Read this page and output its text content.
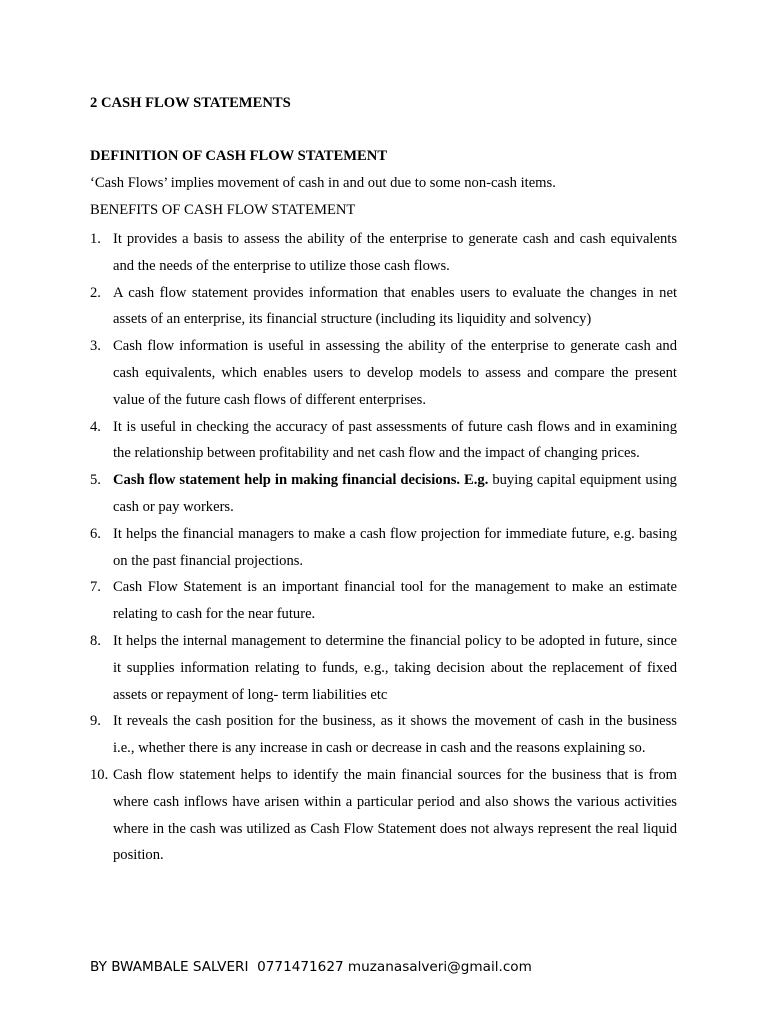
2 CASH FLOW STATEMENTS
DEFINITION OF CASH FLOW STATEMENT
‘Cash Flows’ implies movement of cash in and out due to some non-cash items.
BENEFITS OF CASH FLOW STATEMENT
1. It provides a basis to assess the ability of the enterprise to generate cash and cash equivalents and the needs of the enterprise to utilize those cash flows.
2. A cash flow statement provides information that enables users to evaluate the changes in net assets of an enterprise, its financial structure (including its liquidity and solvency)
3. Cash flow information is useful in assessing the ability of the enterprise to generate cash and cash equivalents, which enables users to develop models to assess and compare the present value of the future cash flows of different enterprises.
4. It is useful in checking the accuracy of past assessments of future cash flows and in examining the relationship between profitability and net cash flow and the impact of changing prices.
5. Cash flow statement help in making financial decisions. E.g. buying capital equipment using cash or pay workers.
6. It helps the financial managers to make a cash flow projection for immediate future, e.g. basing on the past financial projections.
7. Cash Flow Statement is an important financial tool for the management to make an estimate relating to cash for the near future.
8. It helps the internal management to determine the financial policy to be adopted in future, since it supplies information relating to funds, e.g., taking decision about the replacement of fixed assets or repayment of long- term liabilities etc
9. It reveals the cash position for the business, as it shows the movement of cash in the business i.e., whether there is any increase in cash or decrease in cash and the reasons explaining so.
10. Cash flow statement helps to identify the main financial sources for the business that is from where cash inflows have arisen within a particular period and also shows the various activities where in the cash was utilized as Cash Flow Statement does not always represent the real liquid position.
BY BWAMBALE SALVERI  0771471627 muzanasalveri@gmail.com
